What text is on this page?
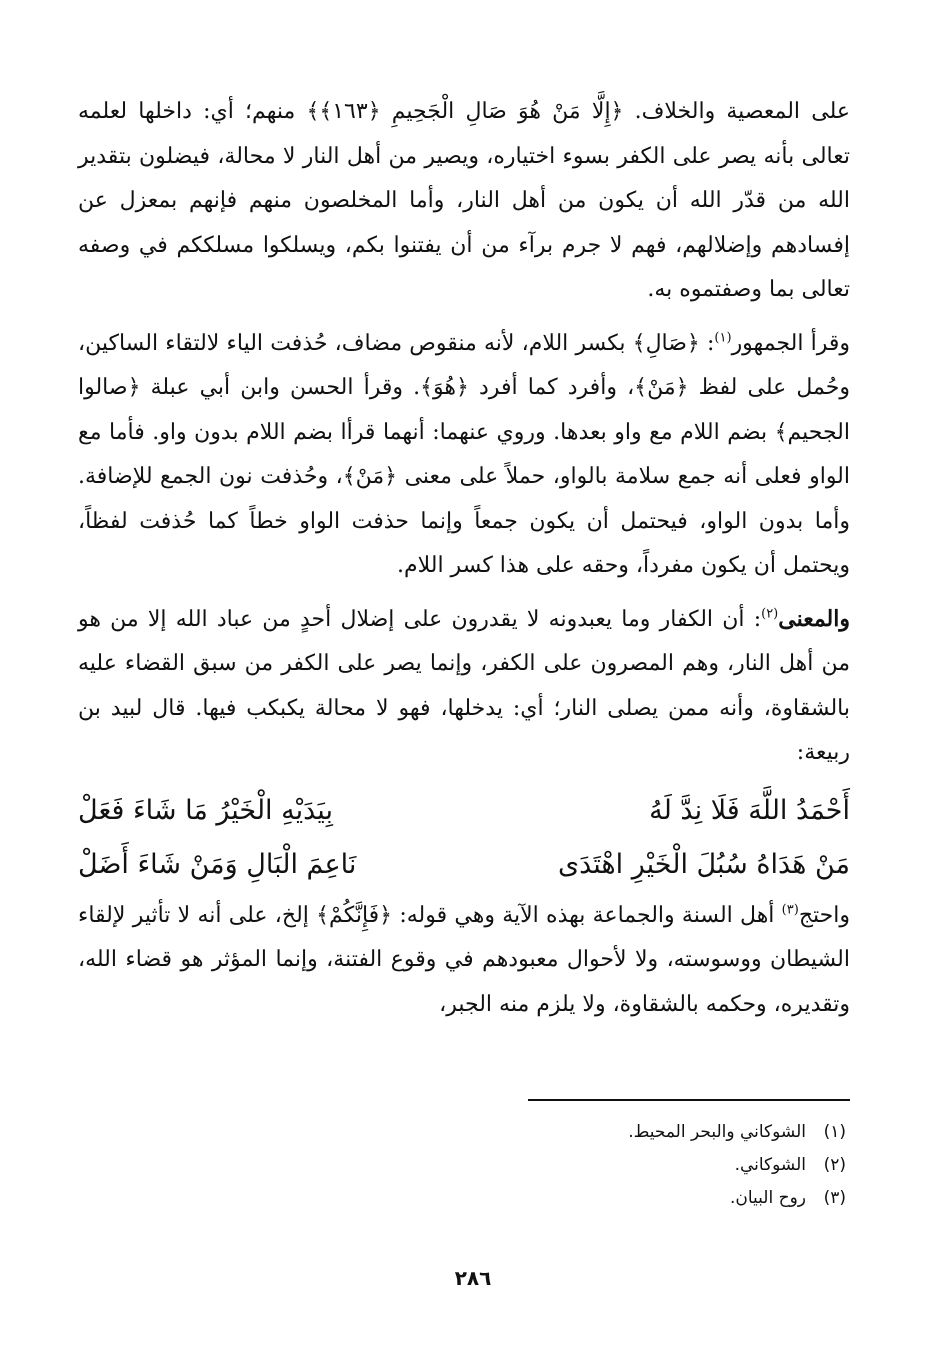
على المعصية والخلاف. ﴿إِلَّا مَنْ هُوَ صَالِ الْجَحِيمِ ﴿١٦٣﴾﴾ منهم؛ أي: داخلها لعلمه تعالى بأنه يصر على الكفر بسوء اختياره، ويصير من أهل النار لا محالة، فيضلون بتقدير الله من قدّر الله أن يكون من أهل النار، وأما المخلصون منهم فإنهم بمعزل عن إفسادهم وإضلالهم، فهم لا جرم برآء من أن يفتنوا بكم، ويسلكوا مسلككم في وصفه تعالى بما وصفتموه به.

وقرأ الجمهور$^{(١)}$: ﴿صَالِ﴾ بكسر اللام، لأنه منقوص مضاف، حُذفت الياء لالتقاء الساكين، وحُمل على لفظ ﴿مَنْ﴾، وأفرد كما أفرد ﴿هُوَ﴾. وقرأ الحسن وابن أبي عبلة ﴿صالوا الجحيم﴾ بضم اللام مع واو بعدها. وروي عنهما: أنهما قرأا بضم اللام بدون واو. فأما مع الواو فعلى أنه جمع سلامة بالواو، حملاً على معنى ﴿مَنْ﴾، وحُذفت نون الجمع للإضافة. وأما بدون الواو، فيحتمل أن يكون جمعاً وإنما حذفت الواو خطاً كما حُذفت لفظاً، ويحتمل أن يكون مفرداً، وحقه على هذا كسر اللام.

والمعنى$^{(٢)}$: أن الكفار وما يعبدونه لا يقدرون على إضلال أحدٍ من عباد الله إلا من هو من أهل النار، وهم المصرون على الكفر، وإنما يصر على الكفر من سبق القضاء عليه بالشقاوة، وأنه ممن يصلى النار؛ أي: يدخلها، فهو لا محالة يكبكب فيها. قال لبيد بن ربيعة:

أَحْمَدُ اللَّهَ فَلَا نِدَّ لَهُ
بِيَدَيْهِ الْخَيْرُ مَا شَاءَ فَعَلْ
مَنْ هَدَاهُ سُبُلَ الْخَيْرِ اهْتَدَى
نَاعِمَ الْبَالِ وَمَنْ شَاءَ أَضَلْ

واحتج$^{(٣)}$ أهل السنة والجماعة بهذه الآية وهي قوله: ﴿فَإِنَّكُمْ﴾ إلخ، على أنه لا تأثير لإلقاء الشيطان ووسوسته، ولا لأحوال معبودهم في وقوع الفتنة، وإنما المؤثر هو قضاء الله، وتقديره، وحكمه بالشقاوة، ولا يلزم منه الجبر،

(١)الشوكاني والبحر المحيط.
(٢)الشوكاني.
(٣)روح البيان.
٢٨٦
